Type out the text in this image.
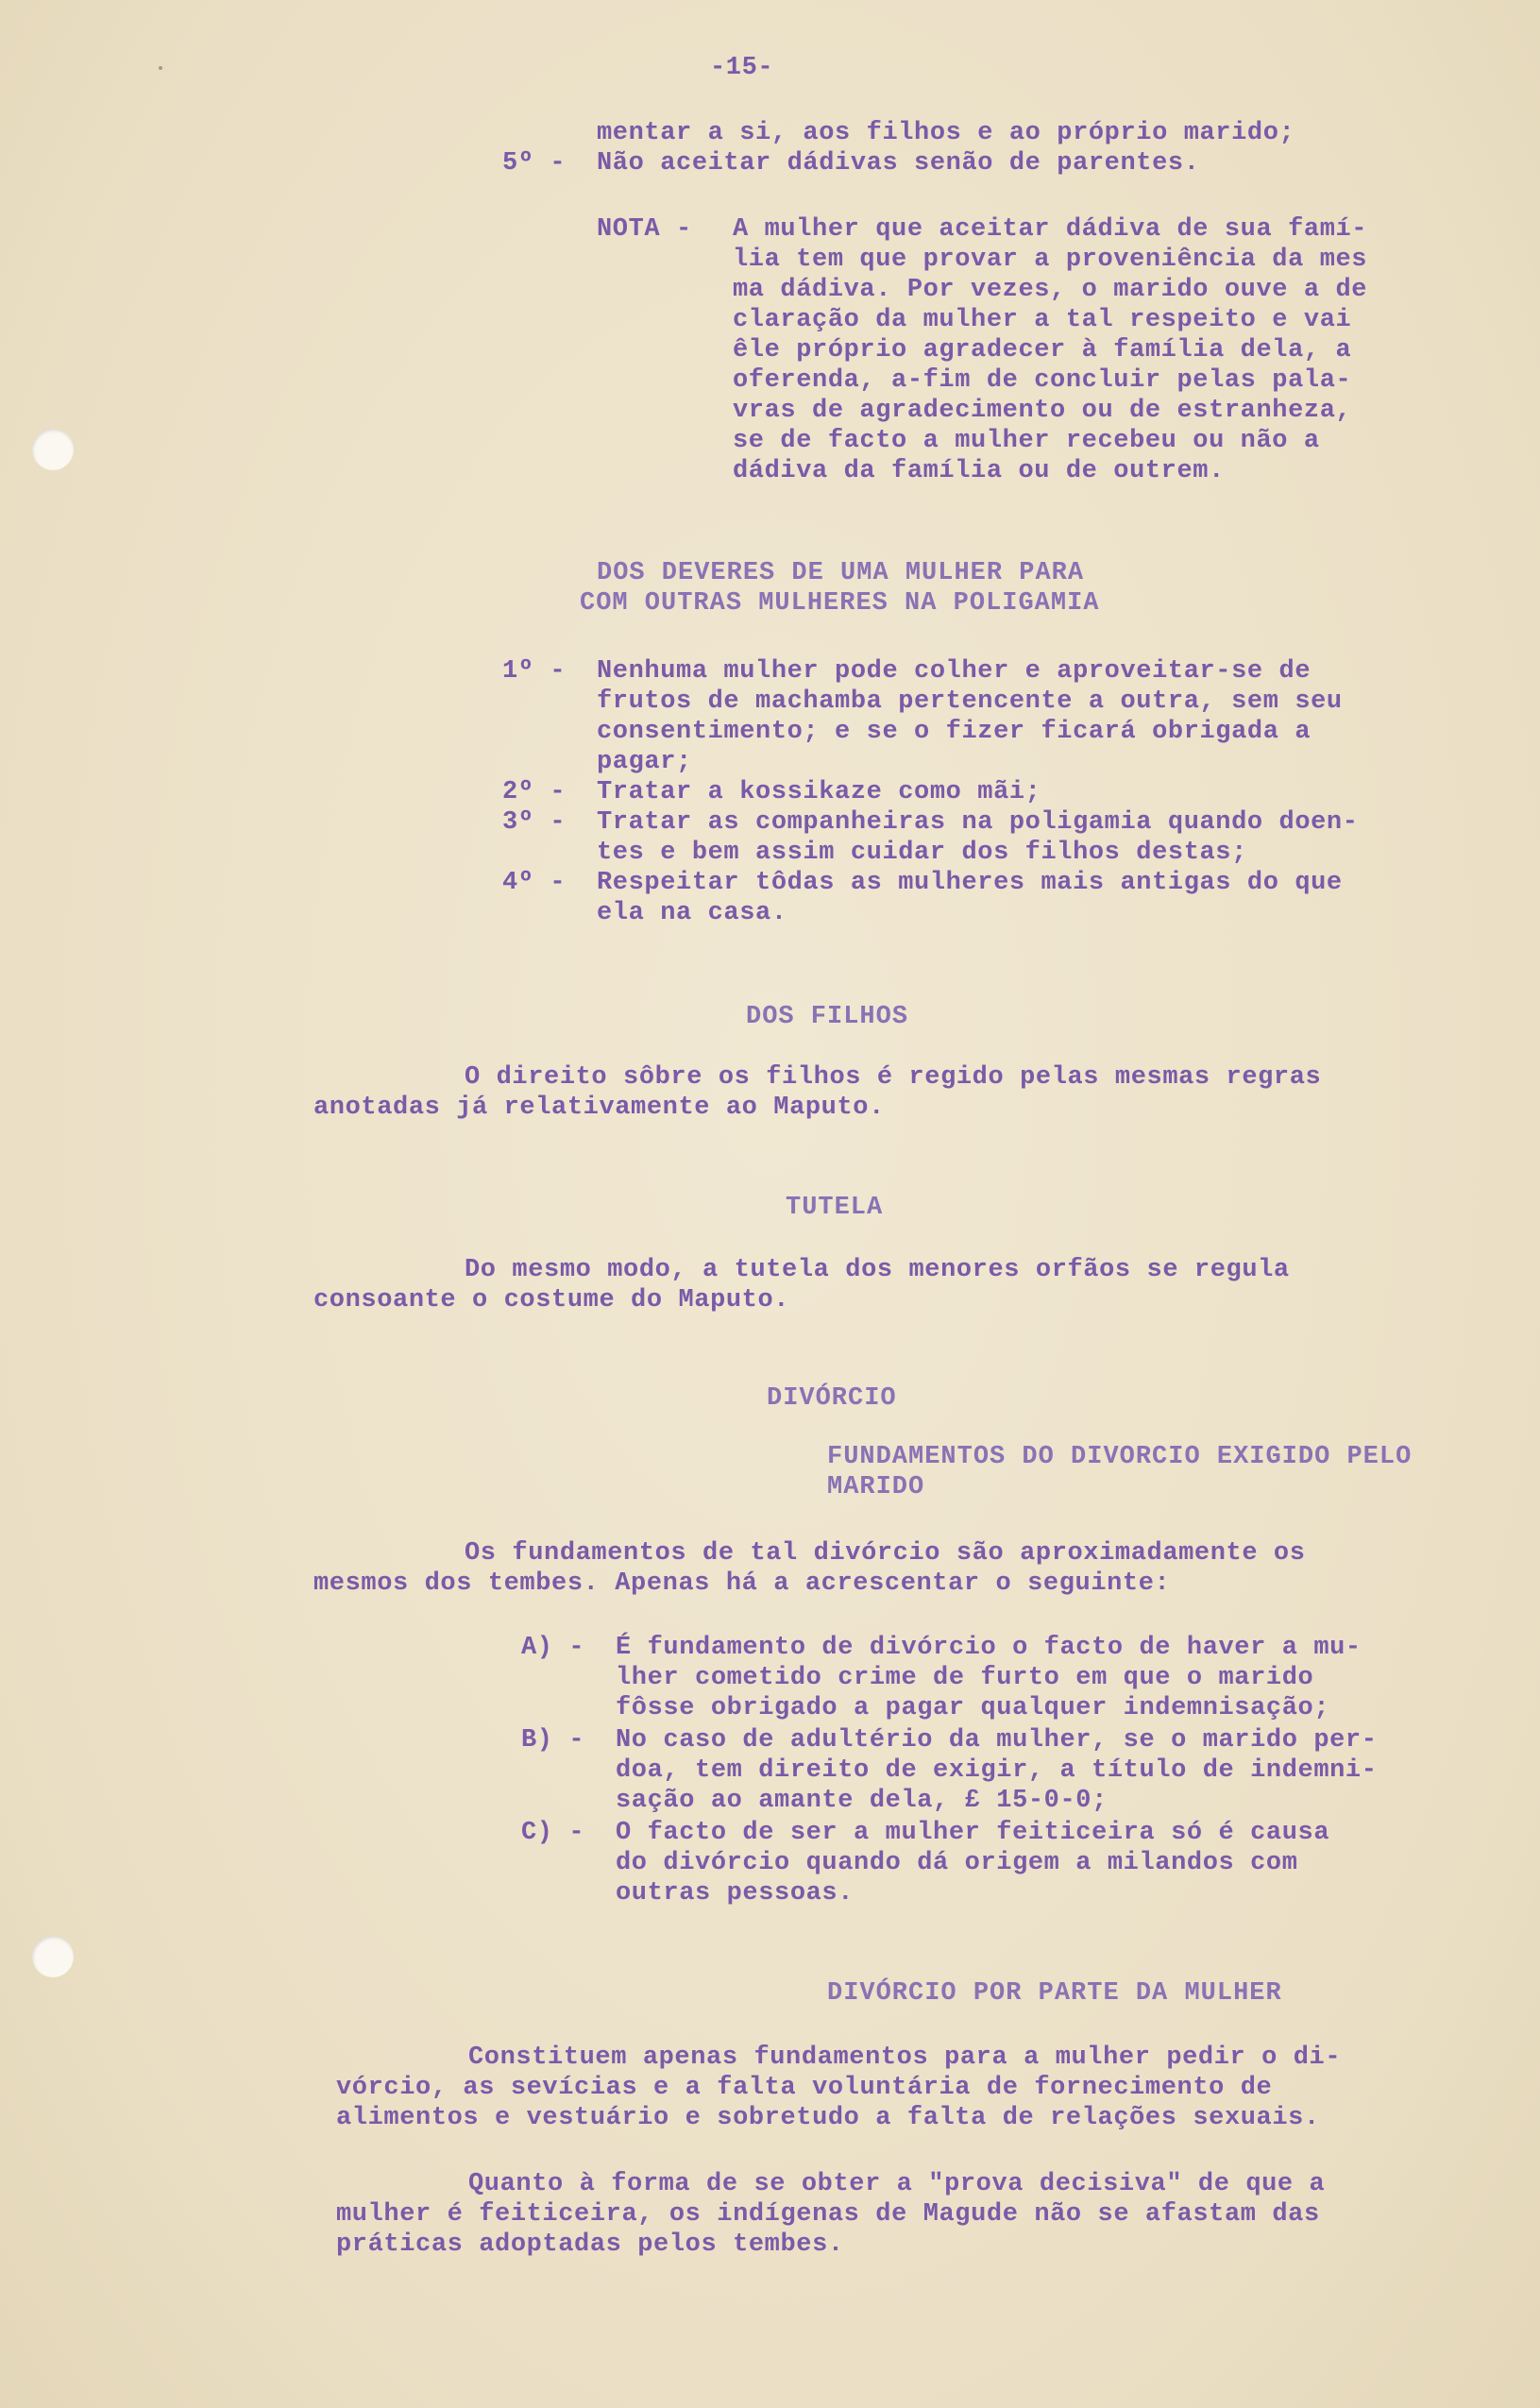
-15-

mentar a si, aos filhos e ao próprio marido;

5º - Não aceitar dádivas senão de parentes.

NOTA - A mulher que aceitar dádiva de sua famí-

lia tem que provar a proveniência da mes

ma dádiva. Por vezes, o marido ouve a de

claração da mulher a tal respeito e vai

êle próprio agradecer à família dela, a

oferenda, a-fim de concluir pelas pala-

vras de agradecimento ou de estranheza,

se de facto a mulher recebeu ou não a

dádiva da família ou de outrem.

DOS DEVERES DE UMA MULHER PARA

COM OUTRAS MULHERES NA POLIGAMIA

1º - Nenhuma mulher pode colher e aproveitar-se de

frutos de machamba pertencente a outra, sem seu

consentimento; e se o fizer ficará obrigada a

pagar;

2º - Tratar a kossikaze como mãi;

3º - Tratar as companheiras na poligamia quando doen-

tes e bem assim cuidar dos filhos destas;

4º - Respeitar tôdas as mulheres mais antigas do que

ela na casa.

DOS FILHOS

O direito sôbre os filhos é regido pelas mesmas regras

anotadas já relativamente ao Maputo.

TUTELA

Do mesmo modo, a tutela dos menores orfãos se regula

consoante o costume do Maputo.

DIVÓRCIO

FUNDAMENTOS DO DIVORCIO EXIGIDO PELO

MARIDO

Os fundamentos de tal divórcio são aproximadamente os

mesmos dos tembes. Apenas há a acrescentar o seguinte:

A) - É fundamento de divórcio o facto de haver a mu-

lher cometido crime de furto em que o marido

fôsse obrigado a pagar qualquer indemnisação;

B) - No caso de adultério da mulher, se o marido per-

doa, tem direito de exigir, a título de indemni-

sação ao amante dela, £ 15-0-0;

C) - O facto de ser a mulher feiticeira só é causa

do divórcio quando dá origem a milandos com

outras pessoas.

DIVÓRCIO POR PARTE DA MULHER

Constituem apenas fundamentos para a mulher pedir o di-

vórcio, as sevícias e a falta voluntária de fornecimento de

alimentos e vestuário e sobretudo a falta de relações sexuais.

Quanto à forma de se obter a "prova decisiva" de que a

mulher é feiticeira, os indígenas de Magude não se afastam das

práticas adoptadas pelos tembes.
